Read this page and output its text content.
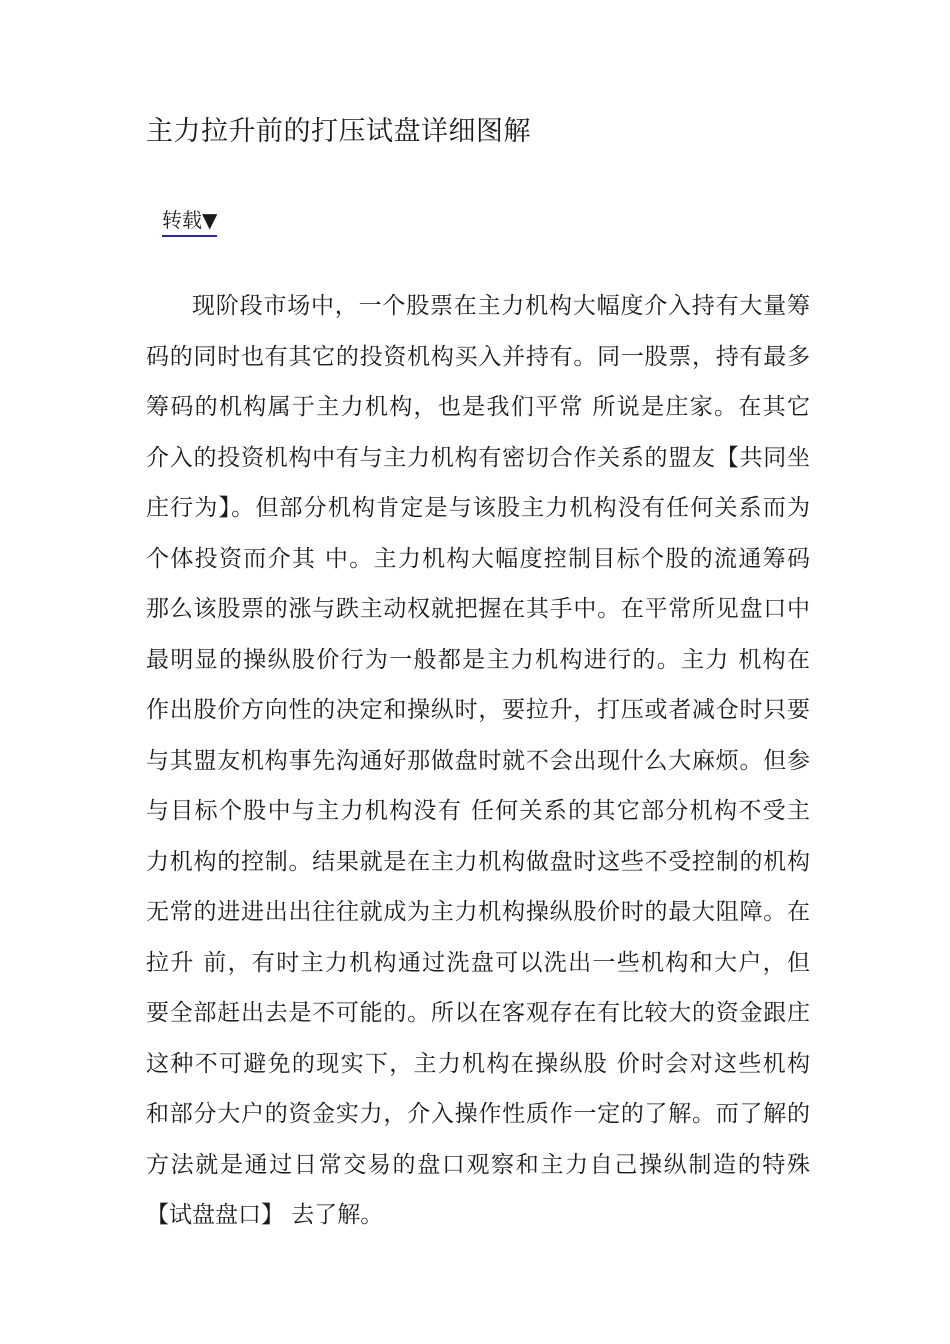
主力拉升前的打压试盘详细图解
转载▼
现阶段市场中，一个股票在主力机构大幅度介入持有大量筹
码的同时也有其它的投资机构买入并持有。同一股票，持有最多
筹码的机构属于主力机构，也是我们平常 所说是庄家。在其它
介入的投资机构中有与主力机构有密切合作关系的盟友【共同坐
庄行为】。但部分机构肯定是与该股主力机构没有任何关系而为
个体投资而介其 中。主力机构大幅度控制目标个股的流通筹码
那么该股票的涨与跌主动权就把握在其手中。在平常所见盘口中
最明显的操纵股价行为一般都是主力机构进行的。主力 机构在
作出股价方向性的决定和操纵时，要拉升，打压或者减仓时只要
与其盟友机构事先沟通好那做盘时就不会出现什么大麻烦。但参
与目标个股中与主力机构没有 任何关系的其它部分机构不受主
力机构的控制。结果就是在主力机构做盘时这些不受控制的机构
无常的进进出出往往就成为主力机构操纵股价时的最大阻障。在
拉升 前，有时主力机构通过洗盘可以洗出一些机构和大户，但
要全部赶出去是不可能的。所以在客观存在有比较大的资金跟庄
这种不可避免的现实下，主力机构在操纵股 价时会对这些机构
和部分大户的资金实力，介入操作性质作一定的了解。而了解的
方法就是通过日常交易的盘口观察和主力自己操纵制造的特殊
【试盘盘口】 去了解。
